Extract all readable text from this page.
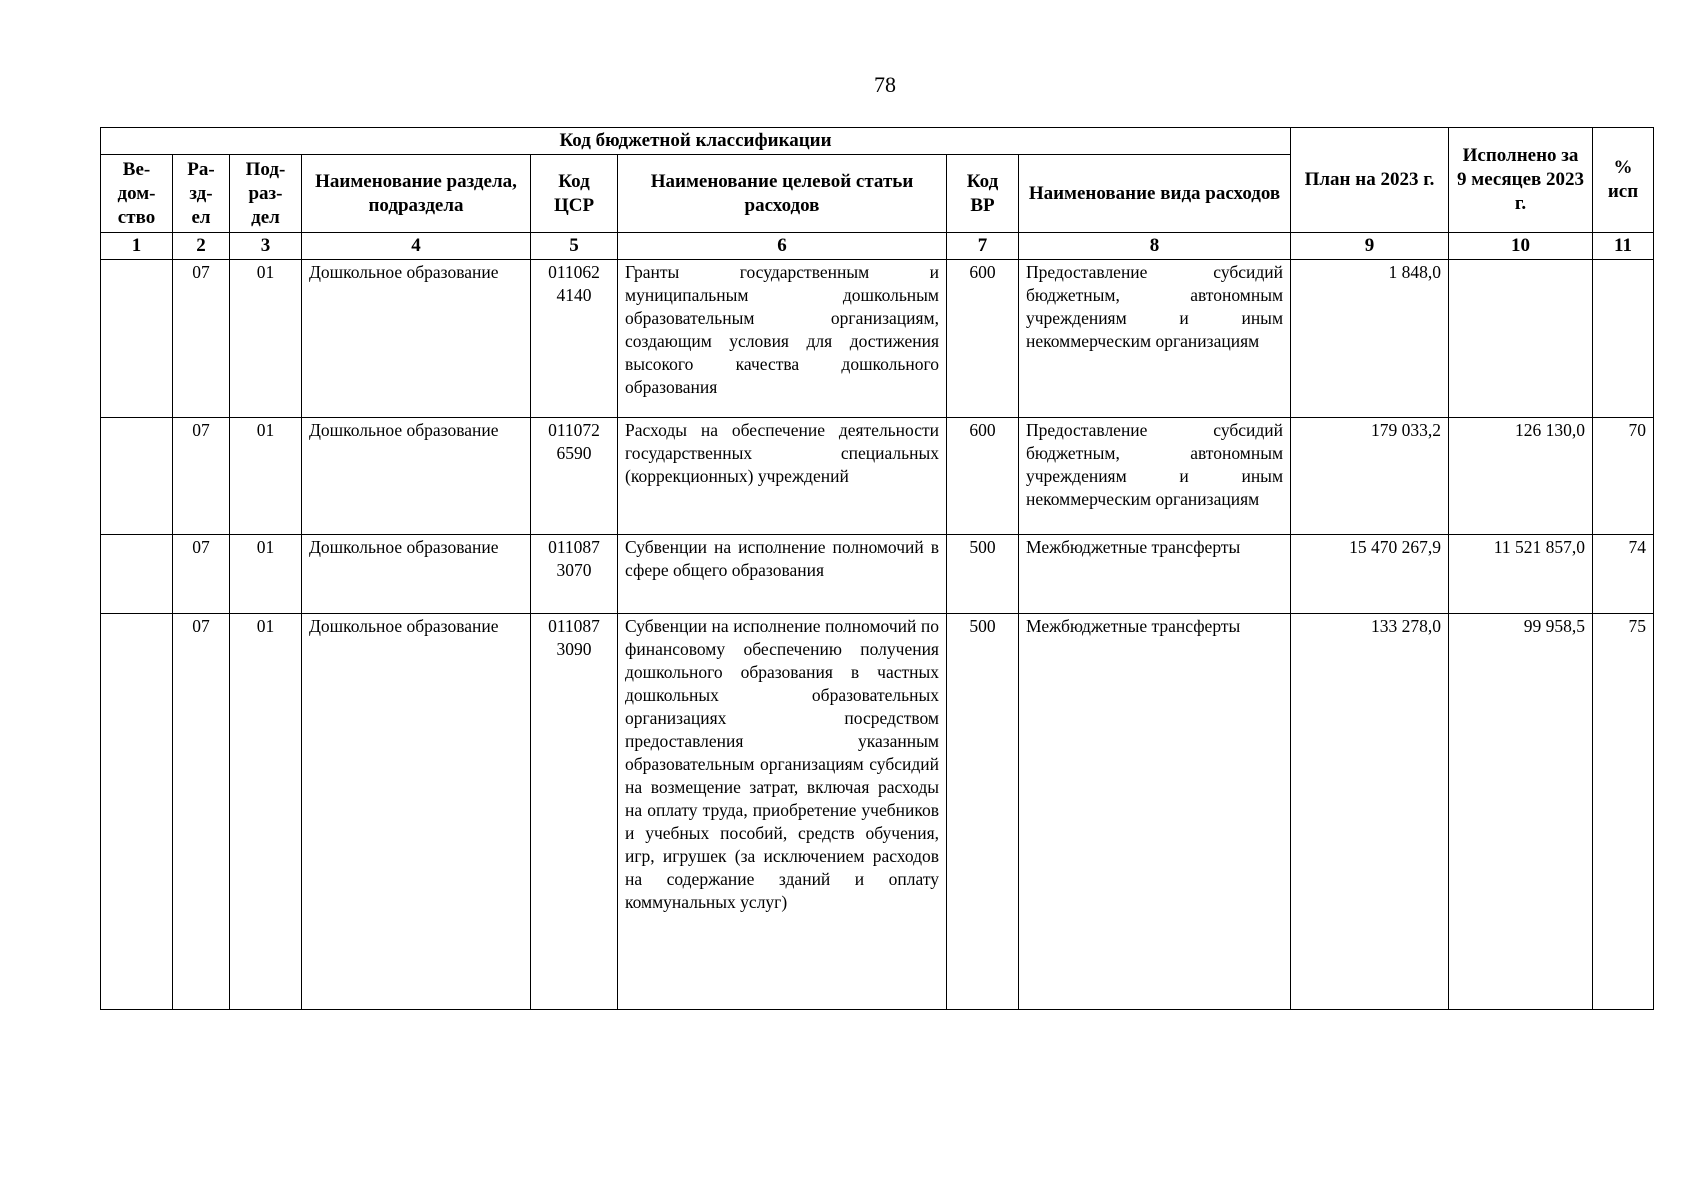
78
Код бюджетной классификации								План на 2023 г.	Исполнено за 9 месяцев 2023 г.	% исп
Ве-дом-ство	Ра-зд-ел	Под-раз-дел	Наименование раздела, подраздела	Код ЦСР	Наименование целевой статьи расходов	Код ВР	Наименование вида расходов			
1	2	3	4	5	6	7	8	9	10	11
	07	01	Дошкольное образование	011062 4140	Гранты государственным и муниципальным дошкольным образовательным организациям, создающим условия для достижения высокого качества дошкольного образования	600	Предоставление субсидий бюджетным, автономным учреждениям и иным некоммерческим организациям	1 848,0		
	07	01	Дошкольное образование	011072 6590	Расходы на обеспечение деятельности государственных специальных (коррекционных) учреждений	600	Предоставление субсидий бюджетным, автономным учреждениям и иным некоммерческим организациям	179 033,2	126 130,0	70
	07	01	Дошкольное образование	011087 3070	Субвенции на исполнение полномочий в сфере общего образования	500	Межбюджетные трансферты	15 470 267,9	11 521 857,0	74
	07	01	Дошкольное образование	011087 3090	Субвенции на исполнение полномочий по финансовому обеспечению получения дошкольного образования в частных дошкольных образовательных организациях посредством предоставления указанным образовательным организациям субсидий на возмещение затрат, включая расходы на оплату труда, приобретение учебников и учебных пособий, средств обучения, игр, игрушек (за исключением расходов на содержание зданий и оплату коммунальных услуг)	500	Межбюджетные трансферты	133 278,0	99 958,5	75
